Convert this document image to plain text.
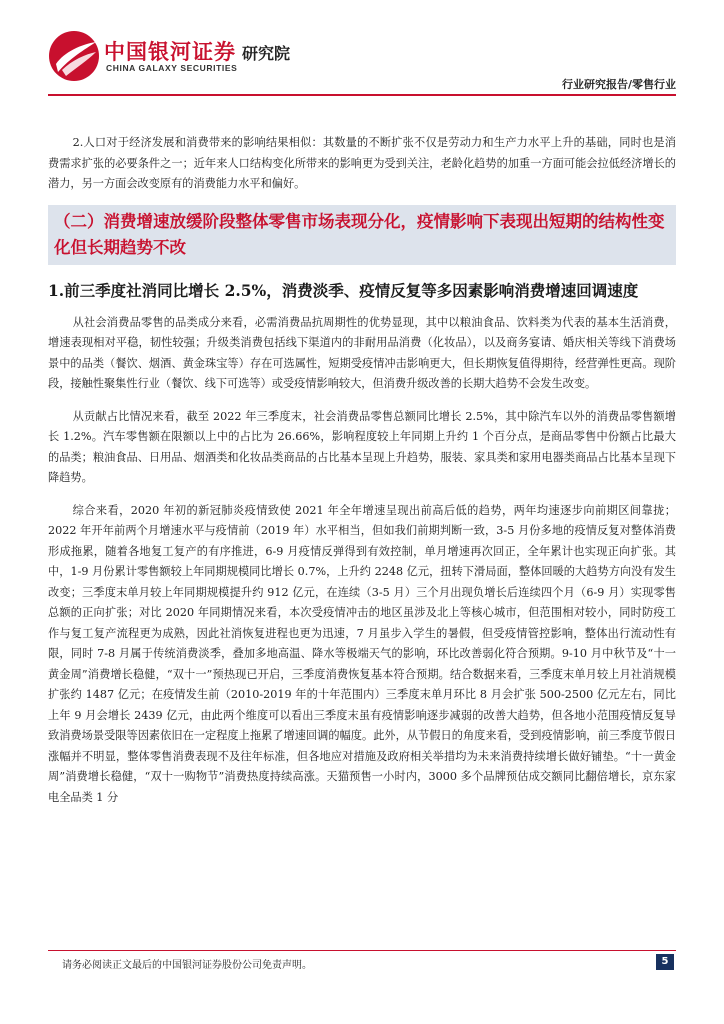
中国银河证券
CHINA GALAXY SECURITIES
研究院
行业研究报告/零售行业

2.人口对于经济发展和消费带来的影响结果相似：其数量的不断扩张不仅是劳动力和生产力水平上升的基础，同时也是消费需求扩张的必要条件之一；近年来人口结构变化所带来的影响更为受到关注，老龄化趋势的加重一方面可能会拉低经济增长的潜力，另一方面会改变原有的消费能力水平和偏好。

（二）消费增速放缓阶段整体零售市场表现分化，疫情影响下表现出短期的结构性变化但长期趋势不改
1.前三季度社消同比增长 2.5%，消费淡季、疫情反复等多因素影响消费增速回调速度

从社会消费品零售的品类成分来看，必需消费品抗周期性的优势显现，其中以粮油食品、饮料类为代表的基本生活消费，增速表现相对平稳，韧性较强；升级类消费包括线下渠道内的非耐用品消费（化妆品），以及商务宴请、婚庆相关等线下消费场景中的品类（餐饮、烟酒、黄金珠宝等）存在可选属性，短期受疫情冲击影响更大，但长期恢复值得期待，经营弹性更高。现阶段，接触性聚集性行业（餐饮、线下可选等）或受疫情影响较大，但消费升级改善的长期大趋势不会发生改变。

从贡献占比情况来看，截至 2022 年三季度末，社会消费品零售总额同比增长 2.5%，其中除汽车以外的消费品零售额增长 1.2%。汽车零售额在限额以上中的占比为 26.66%，影响程度较上年同期上升约 1 个百分点，是商品零售中份额占比最大的品类；粮油食品、日用品、烟酒类和化妆品类商品的占比基本呈现上升趋势，服装、家具类和家用电器类商品占比基本呈现下降趋势。

综合来看，2020 年初的新冠肺炎疫情致使 2021 年全年增速呈现出前高后低的趋势，两年均速逐步向前期区间靠拢；2022 年开年前两个月增速水平与疫情前（2019 年）水平相当，但如我们前期判断一致，3-5 月份多地的疫情反复对整体消费形成拖累，随着各地复工复产的有序推进，6-9 月疫情反弹得到有效控制，单月增速再次回正，全年累计也实现正向扩张。其中，1-9 月份累计零售额较上年同期规模同比增长 0.7%，上升约 2248 亿元，扭转下滑局面，整体回暖的大趋势方向没有发生改变；三季度末单月较上年同期规模提升约 912 亿元，在连续（3-5 月）三个月出现负增长后连续四个月（6-9 月）实现零售总额的正向扩张；对比 2020 年同期情况来看，本次受疫情冲击的地区虽涉及北上等核心城市，但范围相对较小，同时防疫工作与复工复产流程更为成熟，因此社消恢复进程也更为迅速，7 月虽步入学生的暑假，但受疫情管控影响，整体出行流动性有限，同时 7-8 月属于传统消费淡季，叠加多地高温、降水等极端天气的影响，环比改善弱化符合预期。9-10 月中秋节及“十一黄金周”消费增长稳健，“双十一”预热现已开启，三季度消费恢复基本符合预期。结合数据来看，三季度末单月较上月社消规模扩张约 1487 亿元；在疫情发生前（2010-2019 年的十年范围内）三季度末单月环比 8 月会扩张 500-2500 亿元左右，同比上年 9 月会增长 2439 亿元，由此两个维度可以看出三季度末虽有疫情影响逐步减弱的改善大趋势，但各地小范围疫情反复导致消费场景受限等因素依旧在一定程度上拖累了增速回调的幅度。此外，从节假日的角度来看，受到疫情影响，前三季度节假日涨幅并不明显，整体零售消费表现不及往年标准，但各地应对措施及政府相关举措均为未来消费持续增长做好铺垫。“十一黄金周”消费增长稳健，“双十一购物节”消费热度持续高涨。天猫预售一小时内，3000 多个品牌预估成交额同比翻倍增长，京东家电全品类 1 分

请务必阅读正文最后的中国银河证券股份公司免责声明。	5
